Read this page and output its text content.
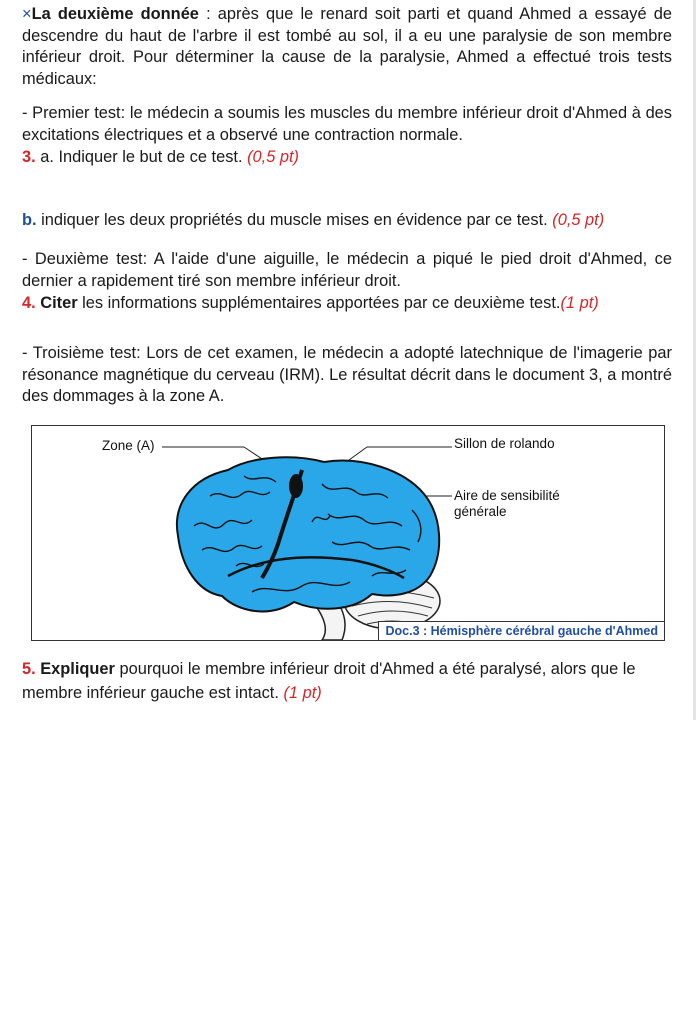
×La deuxième donnée : après que le renard soit parti et quand Ahmed a essayé de descendre du haut de l'arbre il est tombé au sol, il a eu une paralysie de son membre inférieur droit. Pour déterminer la cause de la paralysie, Ahmed a effectué trois tests médicaux:

- Premier test: le médecin a soumis les muscles du membre inférieur droit d'Ahmed à des excitations électriques et a observé une contraction normale.

3. a. Indiquer le but de ce test. (0,5 pt)

b. indiquer les deux propriétés du muscle mises en évidence par ce test. (0,5 pt)

- Deuxième test: A l'aide d'une aiguille, le médecin a piqué le pied droit d'Ahmed, ce dernier a rapidement tiré son membre inférieur droit.

4. Citer les informations supplémentaires apportées par ce deuxième test.(1 pt)

- Troisième test: Lors de cet examen, le médecin a adopté latechnique de l'imagerie par résonance magnétique du cerveau (IRM). Le résultat décrit dans le document 3, a montré des dommages à la zone A.

Zone (A)	Sillon de rolando
Aire de sensibilité
générale
Doc.3 : Hémisphère cérébral gauche d'Ahmed
5. Expliquer pourquoi le membre inférieur droit d'Ahmed a été paralysé, alors que le membre inférieur gauche est intact. (1 pt)
